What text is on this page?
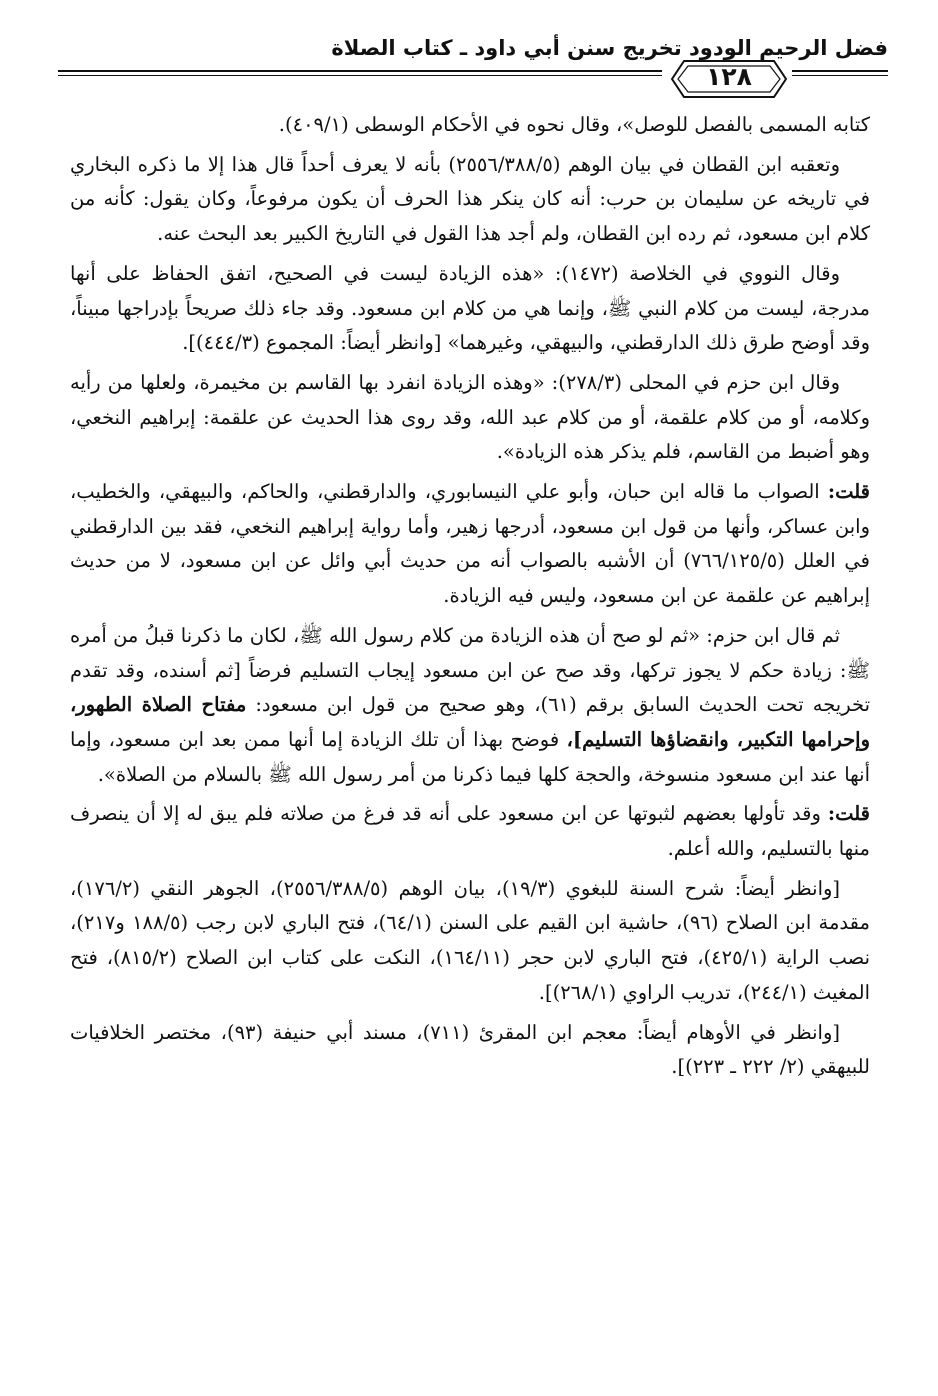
فضل الرحيم الودود تخريج سنن أبي داود ـ كتاب الصلاة
١٢٨

كتابه المسمى بالفصل للوصل»، وقال نحوه في الأحكام الوسطى (٤٠٩/١).

وتعقبه ابن القطان في بيان الوهم (٢٥٥٦/٣٨٨/٥) بأنه لا يعرف أحداً قال هذا إلا ما ذكره البخاري في تاريخه عن سليمان بن حرب: أنه كان ينكر هذا الحرف أن يكون مرفوعاً، وكان يقول: كأنه من كلام ابن مسعود، ثم رده ابن القطان، ولم أجد هذا القول في التاريخ الكبير بعد البحث عنه.

وقال النووي في الخلاصة (١٤٧٢): «هذه الزيادة ليست في الصحيح، اتفق الحفاظ على أنها مدرجة، ليست من كلام النبي ﷺ، وإنما هي من كلام ابن مسعود. وقد جاء ذلك صريحاً بإدراجها مبيناً، وقد أوضح طرق ذلك الدارقطني، والبيهقي، وغيرهما» [وانظر أيضاً: المجموع (٤٤٤/٣)].

وقال ابن حزم في المحلى (٢٧٨/٣): «وهذه الزيادة انفرد بها القاسم بن مخيمرة، ولعلها من رأيه وكلامه، أو من كلام علقمة، أو من كلام عبد الله، وقد روى هذا الحديث عن علقمة: إبراهيم النخعي، وهو أضبط من القاسم، فلم يذكر هذه الزيادة».

قلت: الصواب ما قاله ابن حبان، وأبو علي النيسابوري، والدارقطني، والحاكم، والبيهقي، والخطيب، وابن عساكر، وأنها من قول ابن مسعود، أدرجها زهير، وأما رواية إبراهيم النخعي، فقد بين الدارقطني في العلل (٧٦٦/١٢٥/٥) أن الأشبه بالصواب أنه من حديث أبي وائل عن ابن مسعود، لا من حديث إبراهيم عن علقمة عن ابن مسعود، وليس فيه الزيادة.

ثم قال ابن حزم: «ثم لو صح أن هذه الزيادة من كلام رسول الله ﷺ، لكان ما ذكرنا قبلُ من أمره ﷺ: زيادة حكم لا يجوز تركها، وقد صح عن ابن مسعود إيجاب التسليم فرضاً [ثم أسنده، وقد تقدم تخريجه تحت الحديث السابق برقم (٦١)، وهو صحيح من قول ابن مسعود: مفتاح الصلاة الطهور، وإحرامها التكبير، وانقضاؤها التسليم]، فوضح بهذا أن تلك الزيادة إما أنها ممن بعد ابن مسعود، وإما أنها عند ابن مسعود منسوخة، والحجة كلها فيما ذكرنا من أمر رسول الله ﷺ بالسلام من الصلاة».

قلت: وقد تأولها بعضهم لثبوتها عن ابن مسعود على أنه قد فرغ من صلاته فلم يبق له إلا أن ينصرف منها بالتسليم، والله أعلم.

[وانظر أيضاً: شرح السنة للبغوي (١٩/٣)، بيان الوهم (٢٥٥٦/٣٨٨/٥)، الجوهر النقي (١٧٦/٢)، مقدمة ابن الصلاح (٩٦)، حاشية ابن القيم على السنن (٦٤/١)، فتح الباري لابن رجب (١٨٨/٥ و٢١٧)، نصب الراية (٤٢٥/١)، فتح الباري لابن حجر (١٦٤/١١)، النكت على كتاب ابن الصلاح (٨١٥/٢)، فتح المغيث (٢٤٤/١)، تدريب الراوي (٢٦٨/١)].

[وانظر في الأوهام أيضاً: معجم ابن المقرئ (٧١١)، مسند أبي حنيفة (٩٣)، مختصر الخلافيات للبيهقي (٢/ ٢٢٢ ـ ٢٢٣)].
